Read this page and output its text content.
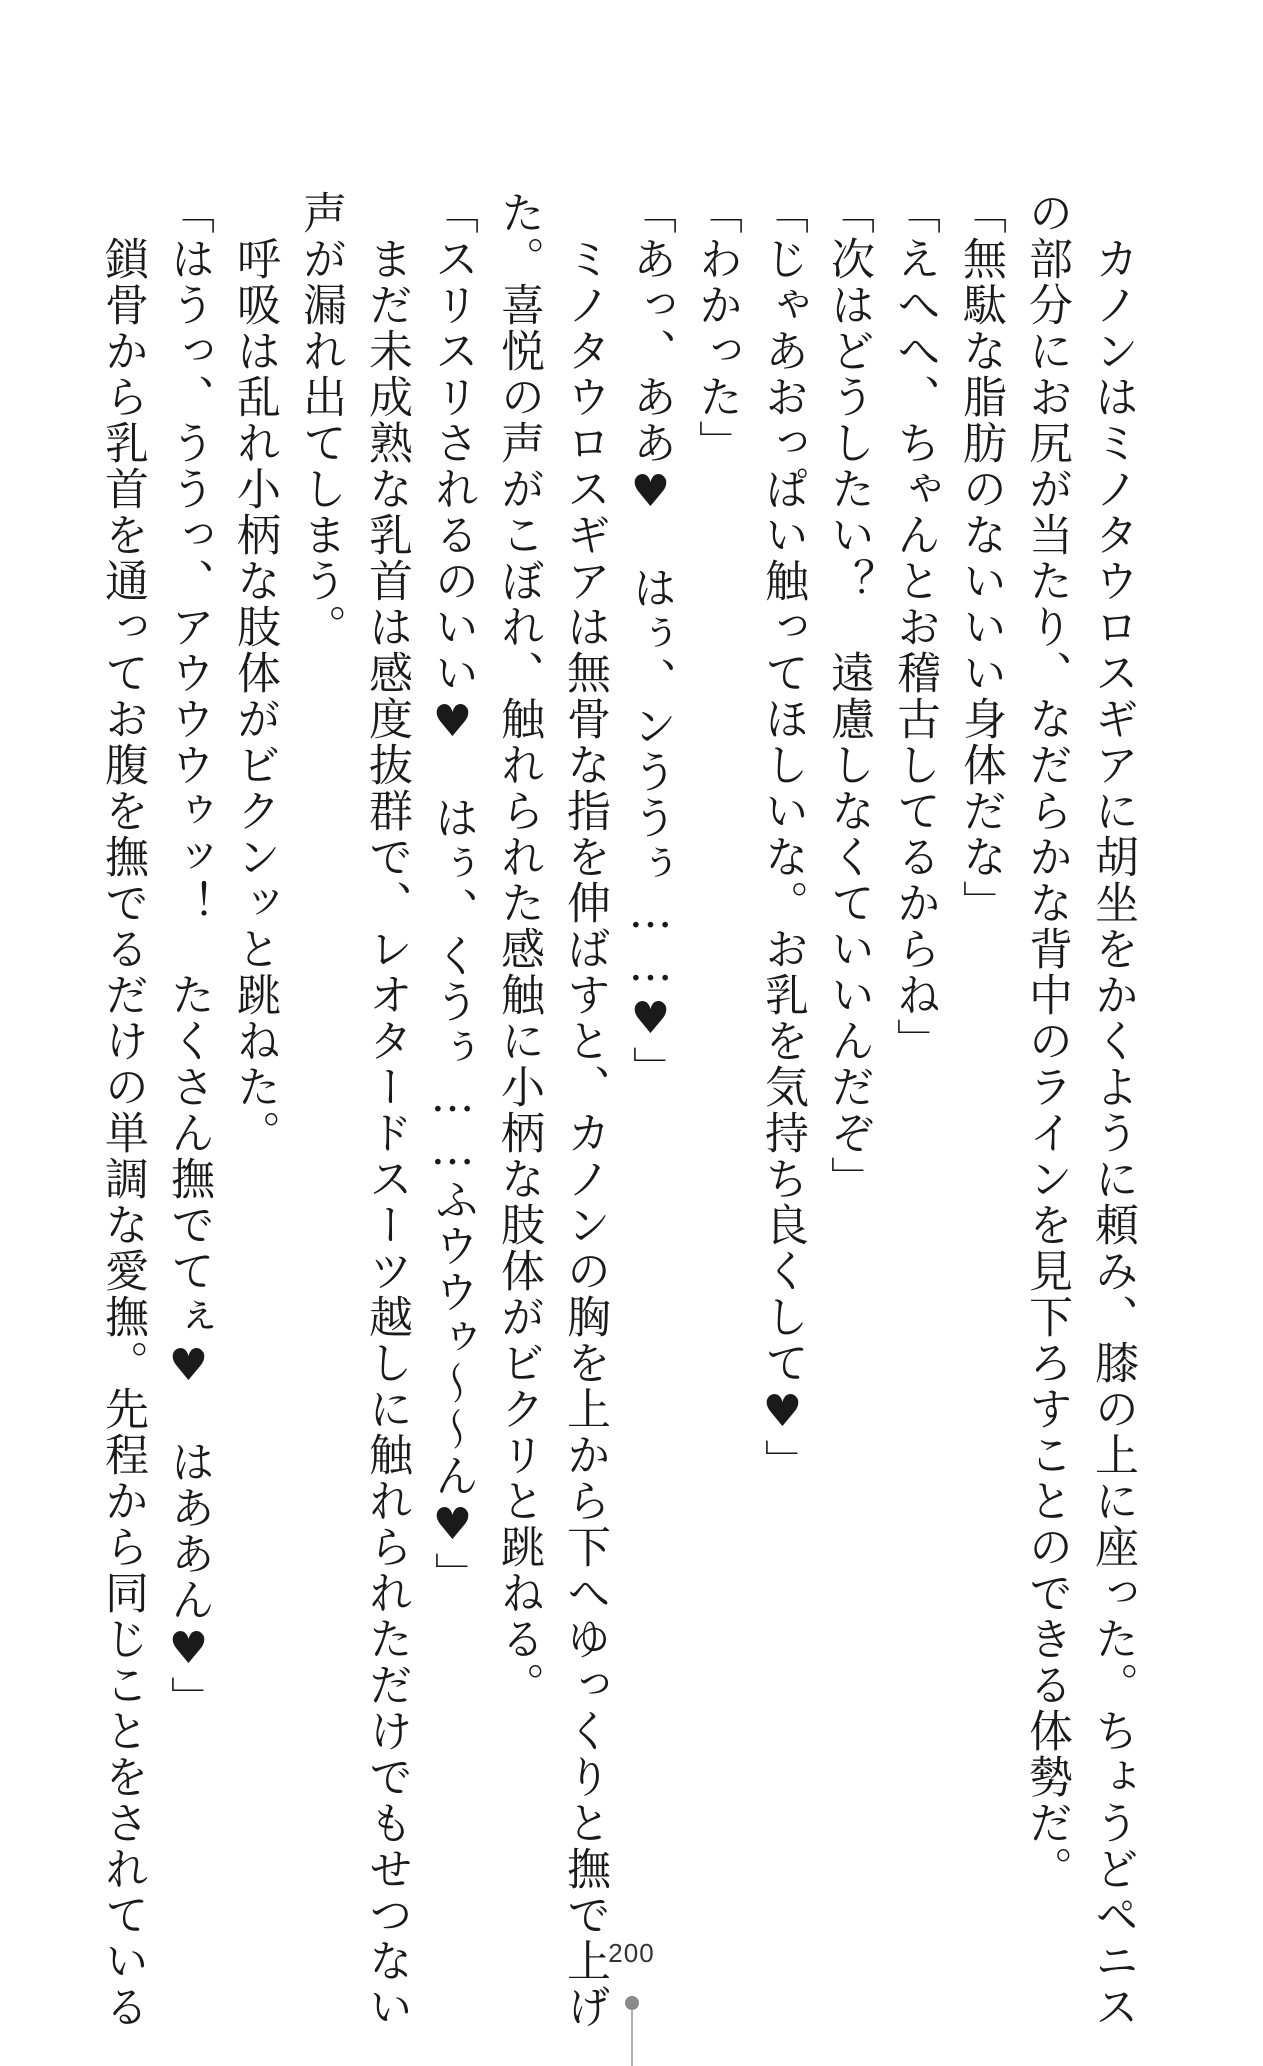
　カノンはミノタウロスギアに胡坐をかくように頼み、膝の上に座った。ちょうどペニス

の部分にお尻が当たり、なだらかな背中のラインを見下ろすことのできる体勢だ。

「無駄な脂肪のないいい身体だな」

「えへへ、ちゃんとお稽古してるからね」

「次はどうしたい？　遠慮しなくていいんだぞ」

「じゃあおっぱい触ってほしいな。お乳を気持ち良くして♥」

「わかった」

「あっ、ああ♥　はぅ、ンううぅ……♥」

　ミノタウロスギアは無骨な指を伸ばすと、カノンの胸を上から下へゆっくりと撫で上げ

た。喜悦の声がこぼれ、触れられた感触に小柄な肢体がビクリと跳ねる。

「スリスリされるのいい♥　はぅ、くうぅ……ふウウゥ～～ん♥」

　まだ未成熟な乳首は感度抜群で、レオタードスーツ越しに触れられただけでもせつない

声が漏れ出てしまう。

　呼吸は乱れ小柄な肢体がビクンッと跳ねた。

「はうっ、ううっ、アウウウゥッ！　たくさん撫でてぇ♥　はああん♥」

　鎖骨から乳首を通ってお腹を撫でるだけの単調な愛撫。先程から同じことをされている	200
